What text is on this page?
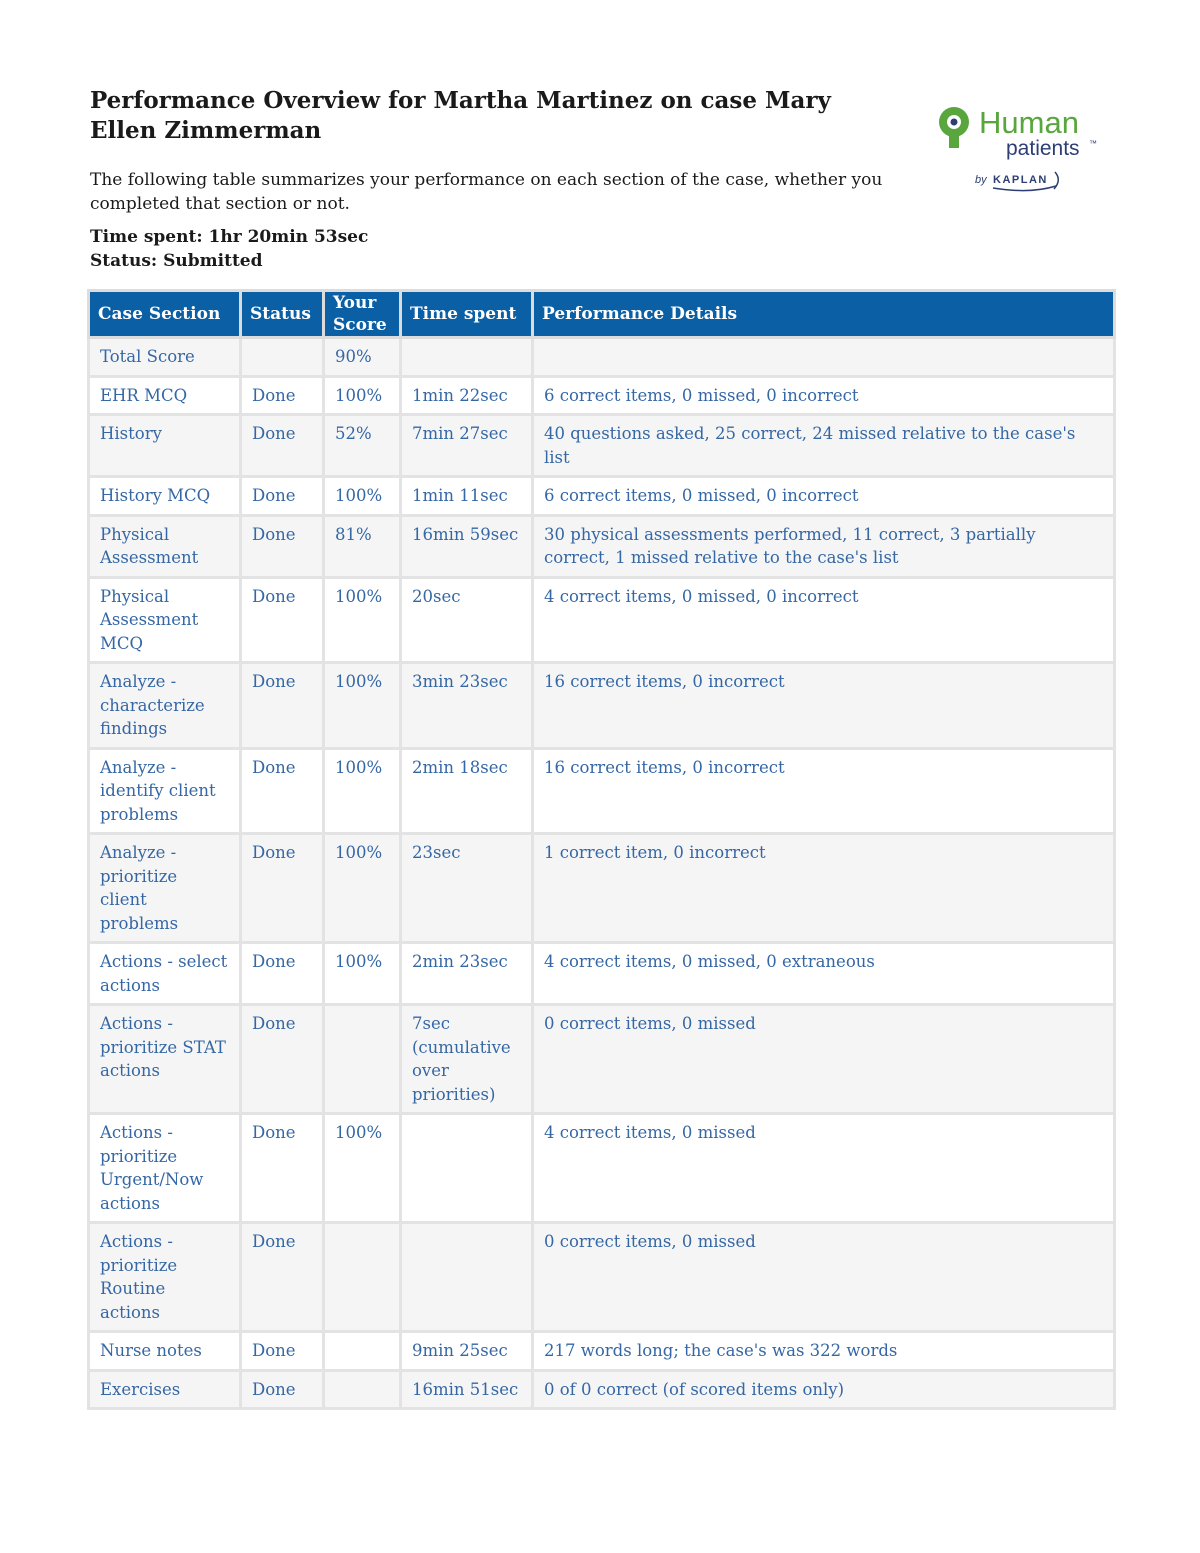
Performance Overview for Martha Martinez on case Mary Ellen Zimmerman	Human
patients ™
by KAPLAN

The following table summarizes your performance on each section of the case, whether you completed that section or not.

Time spent: 1hr 20min 53sec
Status: Submitted
Case Section	Status	Your Score	Time spent	Performance Details
Total Score		90%		
EHR MCQ	Done	100%	1min 22sec	6 correct items, 0 missed, 0 incorrect
History	Done	52%	7min 27sec	40 questions asked, 25 correct, 24 missed relative to the case's list
History MCQ	Done	100%	1min 11sec	6 correct items, 0 missed, 0 incorrect
Physical Assessment	Done	81%	16min 59sec	30 physical assessments performed, 11 correct, 3 partially correct, 1 missed relative to the case's list
Physical Assessment MCQ	Done	100%	20sec	4 correct items, 0 missed, 0 incorrect
Analyze - characterize findings	Done	100%	3min 23sec	16 correct items, 0 incorrect
Analyze - identify client problems	Done	100%	2min 18sec	16 correct items, 0 incorrect
Analyze - prioritize client problems	Done	100%	23sec	1 correct item, 0 incorrect
Actions - select actions	Done	100%	2min 23sec	4 correct items, 0 missed, 0 extraneous
Actions - prioritize STAT actions	Done		7sec (cumulative over priorities)	0 correct items, 0 missed
Actions - prioritize Urgent/Now actions	Done	100%		4 correct items, 0 missed
Actions - prioritize Routine actions	Done			0 correct items, 0 missed
Nurse notes	Done		9min 25sec	217 words long; the case's was 322 words
Exercises	Done		16min 51sec	0 of 0 correct (of scored items only)
